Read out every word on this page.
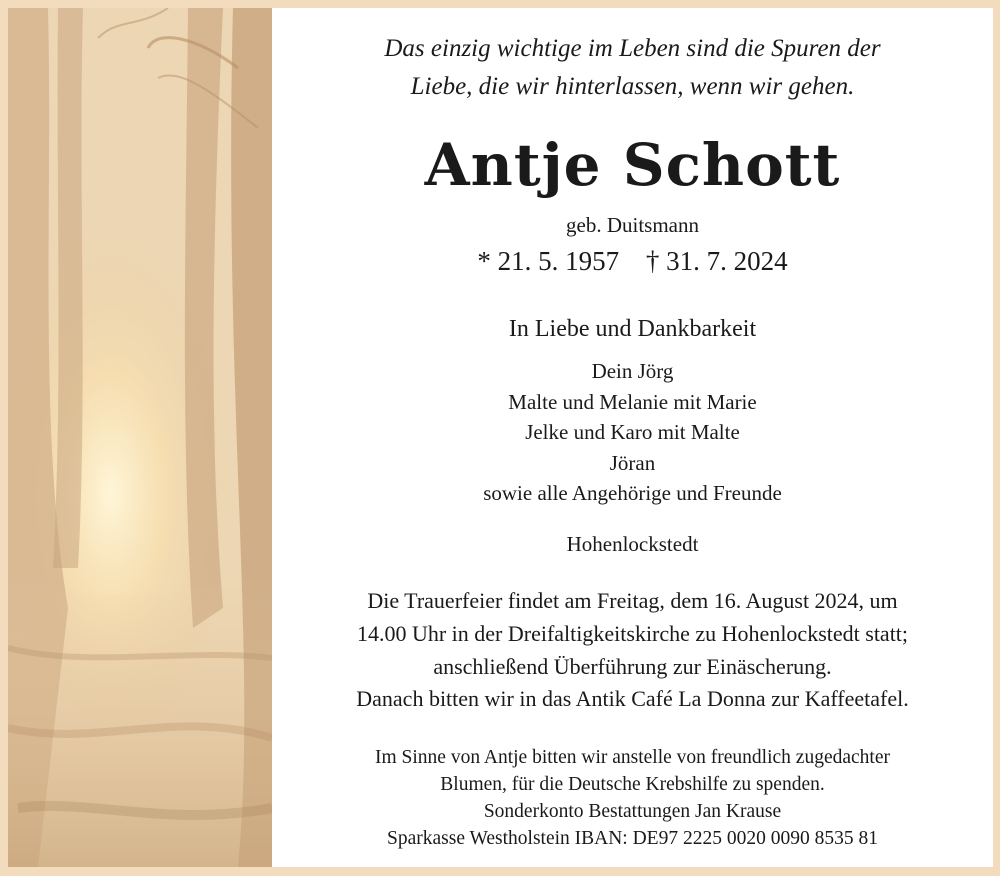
Das einzig wichtige im Leben sind die Spuren der
Liebe, die wir hinterlassen, wenn wir gehen.
Antje Schott
geb. Duitsmann
* 21. 5. 1957 † 31. 7. 2024
In Liebe und Dankbarkeit
Dein Jörg
Malte und Melanie mit Marie
Jelke und Karo mit Malte
Jöran
sowie alle Angehörige und Freunde
Hohenlockstedt
Die Trauerfeier findet am Freitag, dem 16. August 2024, um
14.00 Uhr in der Dreifaltigkeitskirche zu Hohenlockstedt statt;
anschließend Überführung zur Einäscherung.
Danach bitten wir in das Antik Café La Donna zur Kaffeetafel.
Im Sinne von Antje bitten wir anstelle von freundlich zugedachter
Blumen, für die Deutsche Krebshilfe zu spenden.
Sonderkonto Bestattungen Jan Krause
Sparkasse Westholstein IBAN: DE97 2225 0020 0090 8535 81
